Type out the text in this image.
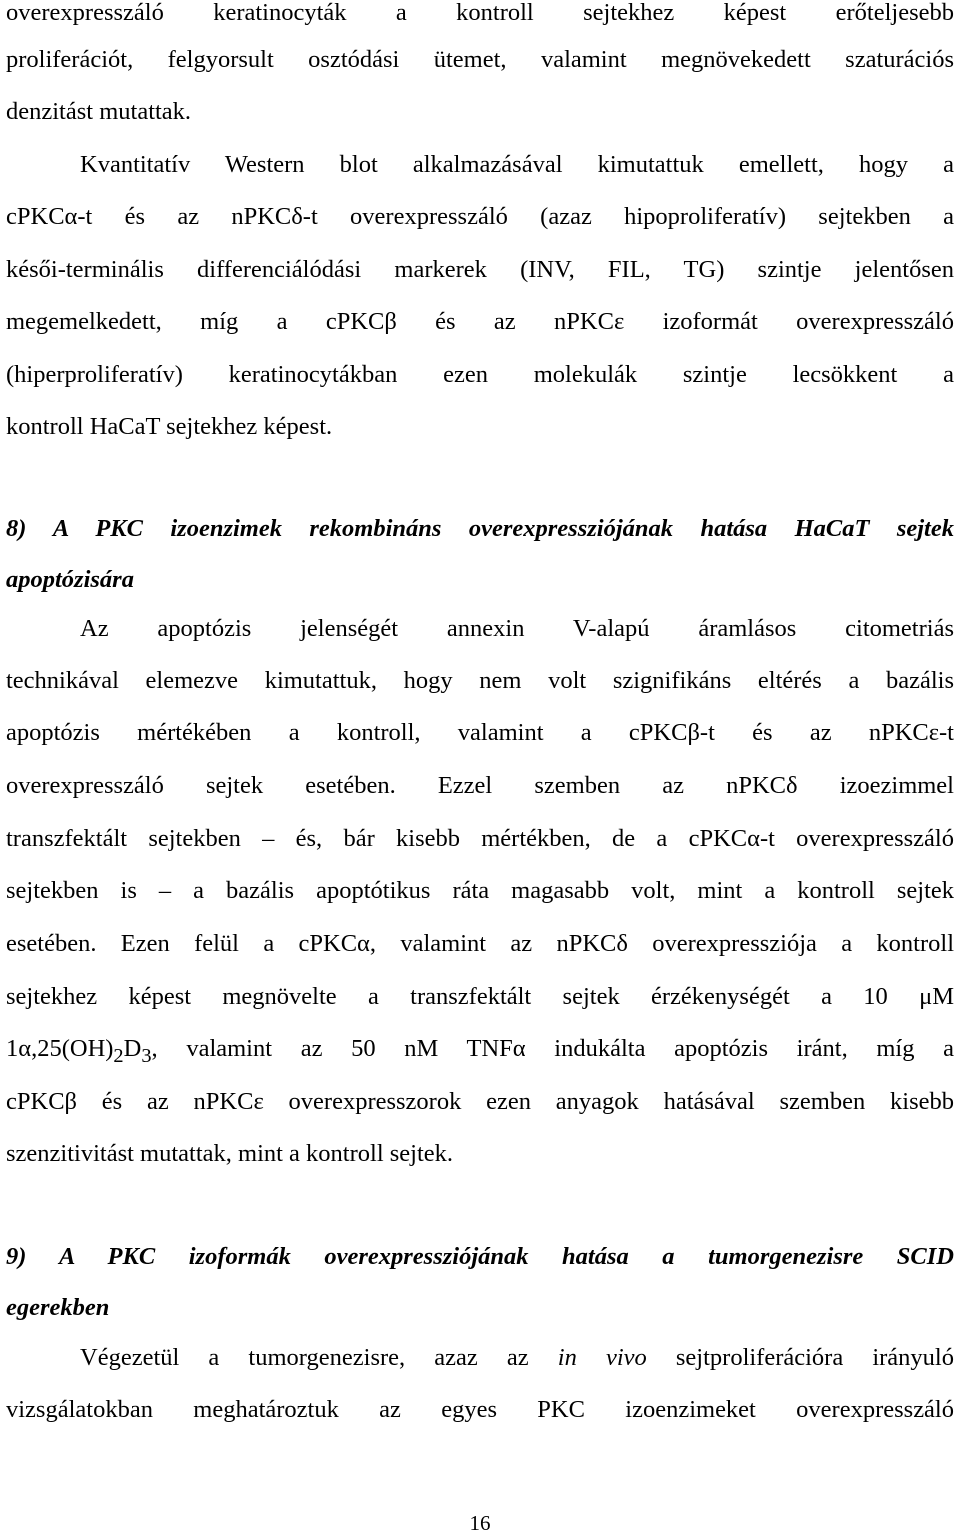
overexpresszáló keratinocyták a kontroll sejtekhez képest erőteljesebb
proliferációt, felgyorsult osztódási ütemet, valamint megnövekedett szaturációs
denzitást mutattak.
Kvantitatív Western blot alkalmazásával kimutattuk emellett, hogy a
cPKCα-t és az nPKCδ-t overexpresszáló (azaz hipoproliferatív) sejtekben a
késői-terminális differenciálódási markerek (INV, FIL, TG) szintje jelentősen
megemelkedett, míg a cPKCβ és az nPKCε izoformát overexpresszáló
(hiperproliferatív) keratinocytákban ezen molekulák szintje lecsökkent a
kontroll HaCaT sejtekhez képest.
8) A PKC izoenzimek rekombináns overexpressziójának hatása HaCaT sejtek
apoptózisára
Az apoptózis jelenségét annexin V-alapú áramlásos citometriás
technikával elemezve kimutattuk, hogy nem volt szignifikáns eltérés a bazális
apoptózis mértékében a kontroll, valamint a cPKCβ-t és az nPKCε-t
overexpresszáló sejtek esetében. Ezzel szemben az nPKCδ izoezimmel
transzfektált sejtekben – és, bár kisebb mértékben, de a cPKCα-t overexpresszáló
sejtekben is – a bazális apoptótikus ráta magasabb volt, mint a kontroll sejtek
esetében. Ezen felül a cPKCα, valamint az nPKCδ overexpressziója a kontroll
sejtekhez képest megnövelte a transzfektált sejtek érzékenységét a 10 μM
$1\alpha,25(OH)_2D_3$, valamint az 50 nM TNFα indukálta apoptózis iránt, míg a
cPKCβ és az nPKCε overexpresszorok ezen anyagok hatásával szemben kisebb
szenzitivitást mutattak, mint a kontroll sejtek.
9) A PKC izoformák overexpressziójának hatása a tumorgenezisre SCID
egerekben
Végezetül a tumorgenezisre, azaz az in vivo sejtproliferációra irányuló
vizsgálatokban meghatároztuk az egyes PKC izoenzimeket overexpresszáló
16
